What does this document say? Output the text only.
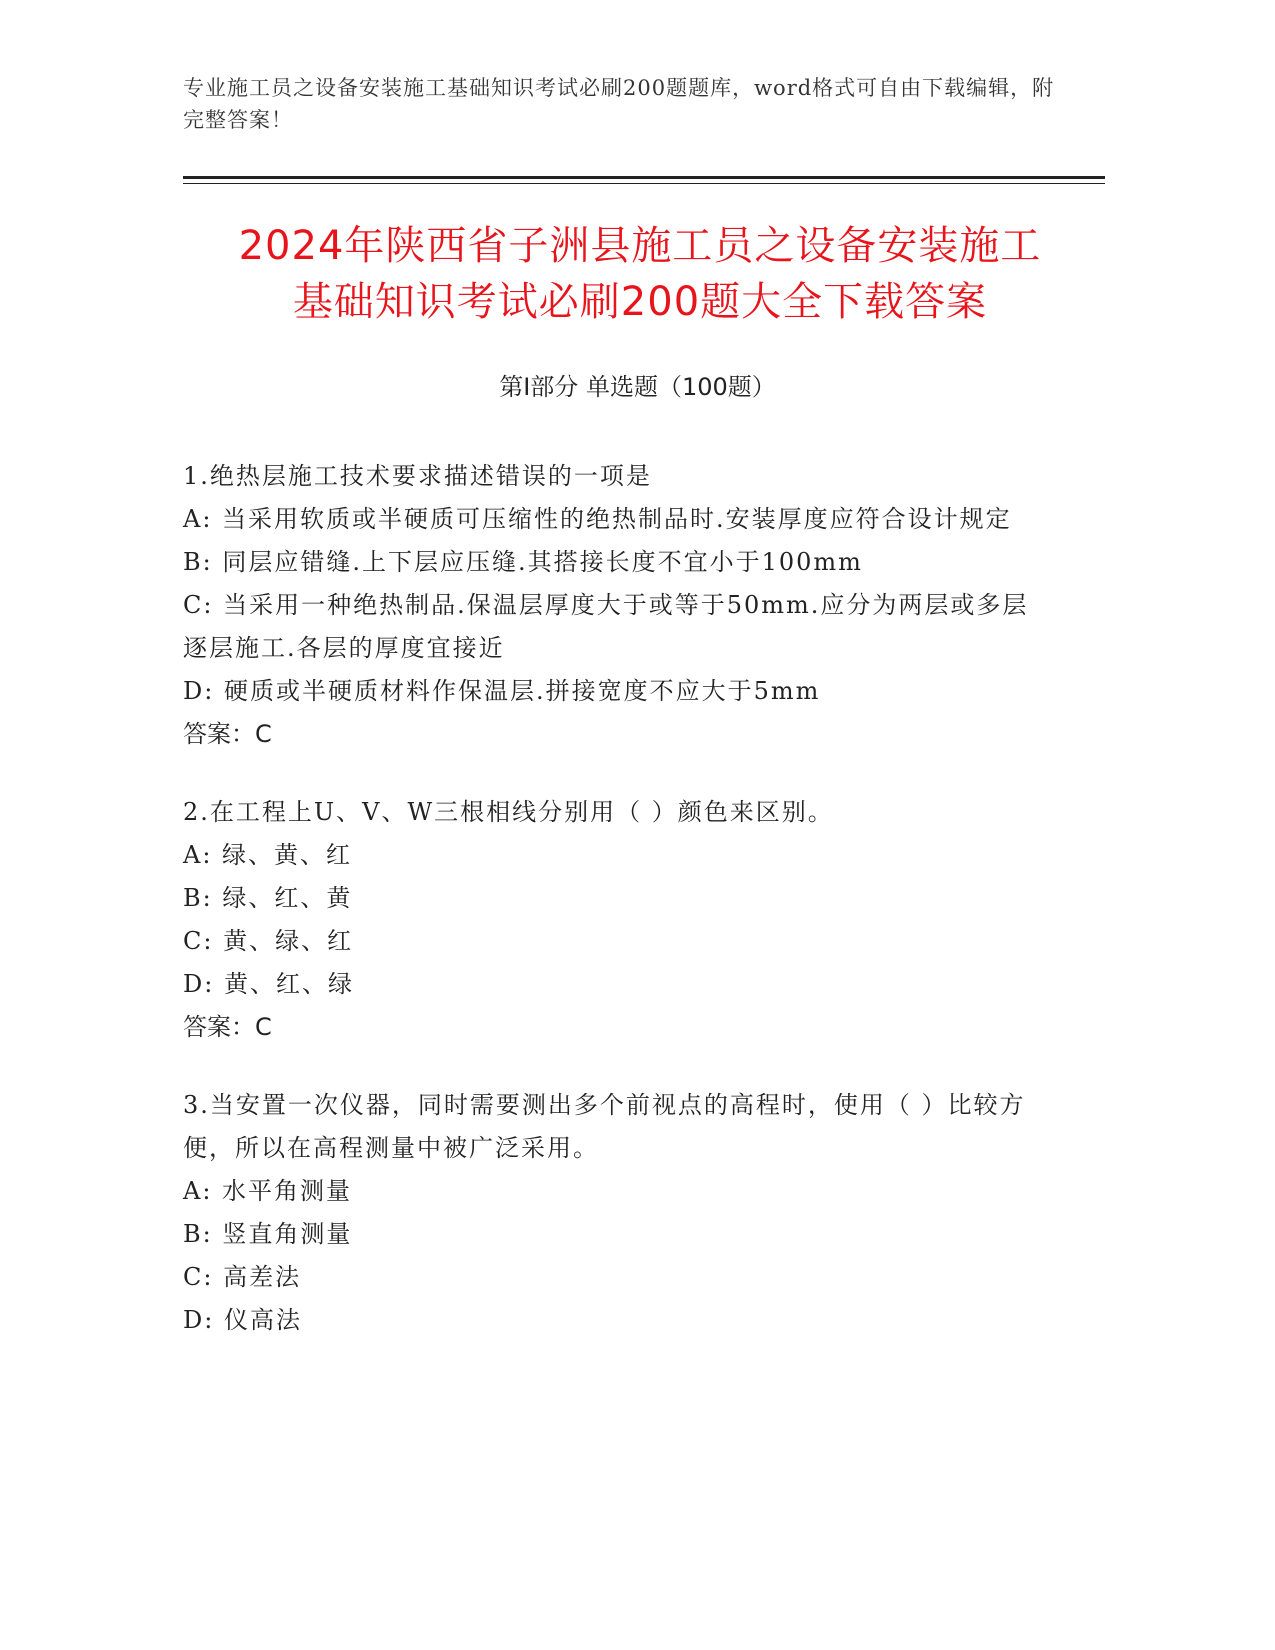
专业施工员之设备安装施工基础知识考试必刷200题题库，word格式可自由下载编辑，附完整答案！
2024年陕西省子洲县施工员之设备安装施工
基础知识考试必刷200题大全下载答案
第Ⅰ部分 单选题（100题）

1.绝热层施工技术要求描述错误的一项是

A: 当采用软质或半硬质可压缩性的绝热制品时.安装厚度应符合设计规定

B: 同层应错缝.上下层应压缝.其搭接长度不宜小于100mm

C: 当采用一种绝热制品.保温层厚度大于或等于50mm.应分为两层或多层逐层施工.各层的厚度宜接近

D: 硬质或半硬质材料作保温层.拼接宽度不应大于5mm

答案：C

2.在工程上U、V、W三根相线分别用（ ）颜色来区别。

A: 绿、黄、红

B: 绿、红、黄

C: 黄、绿、红

D: 黄、红、绿

答案：C

3.当安置一次仪器，同时需要测出多个前视点的高程时，使用（ ）比较方便，所以在高程测量中被广泛采用。

A: 水平角测量

B: 竖直角测量

C: 高差法

D: 仪高法
